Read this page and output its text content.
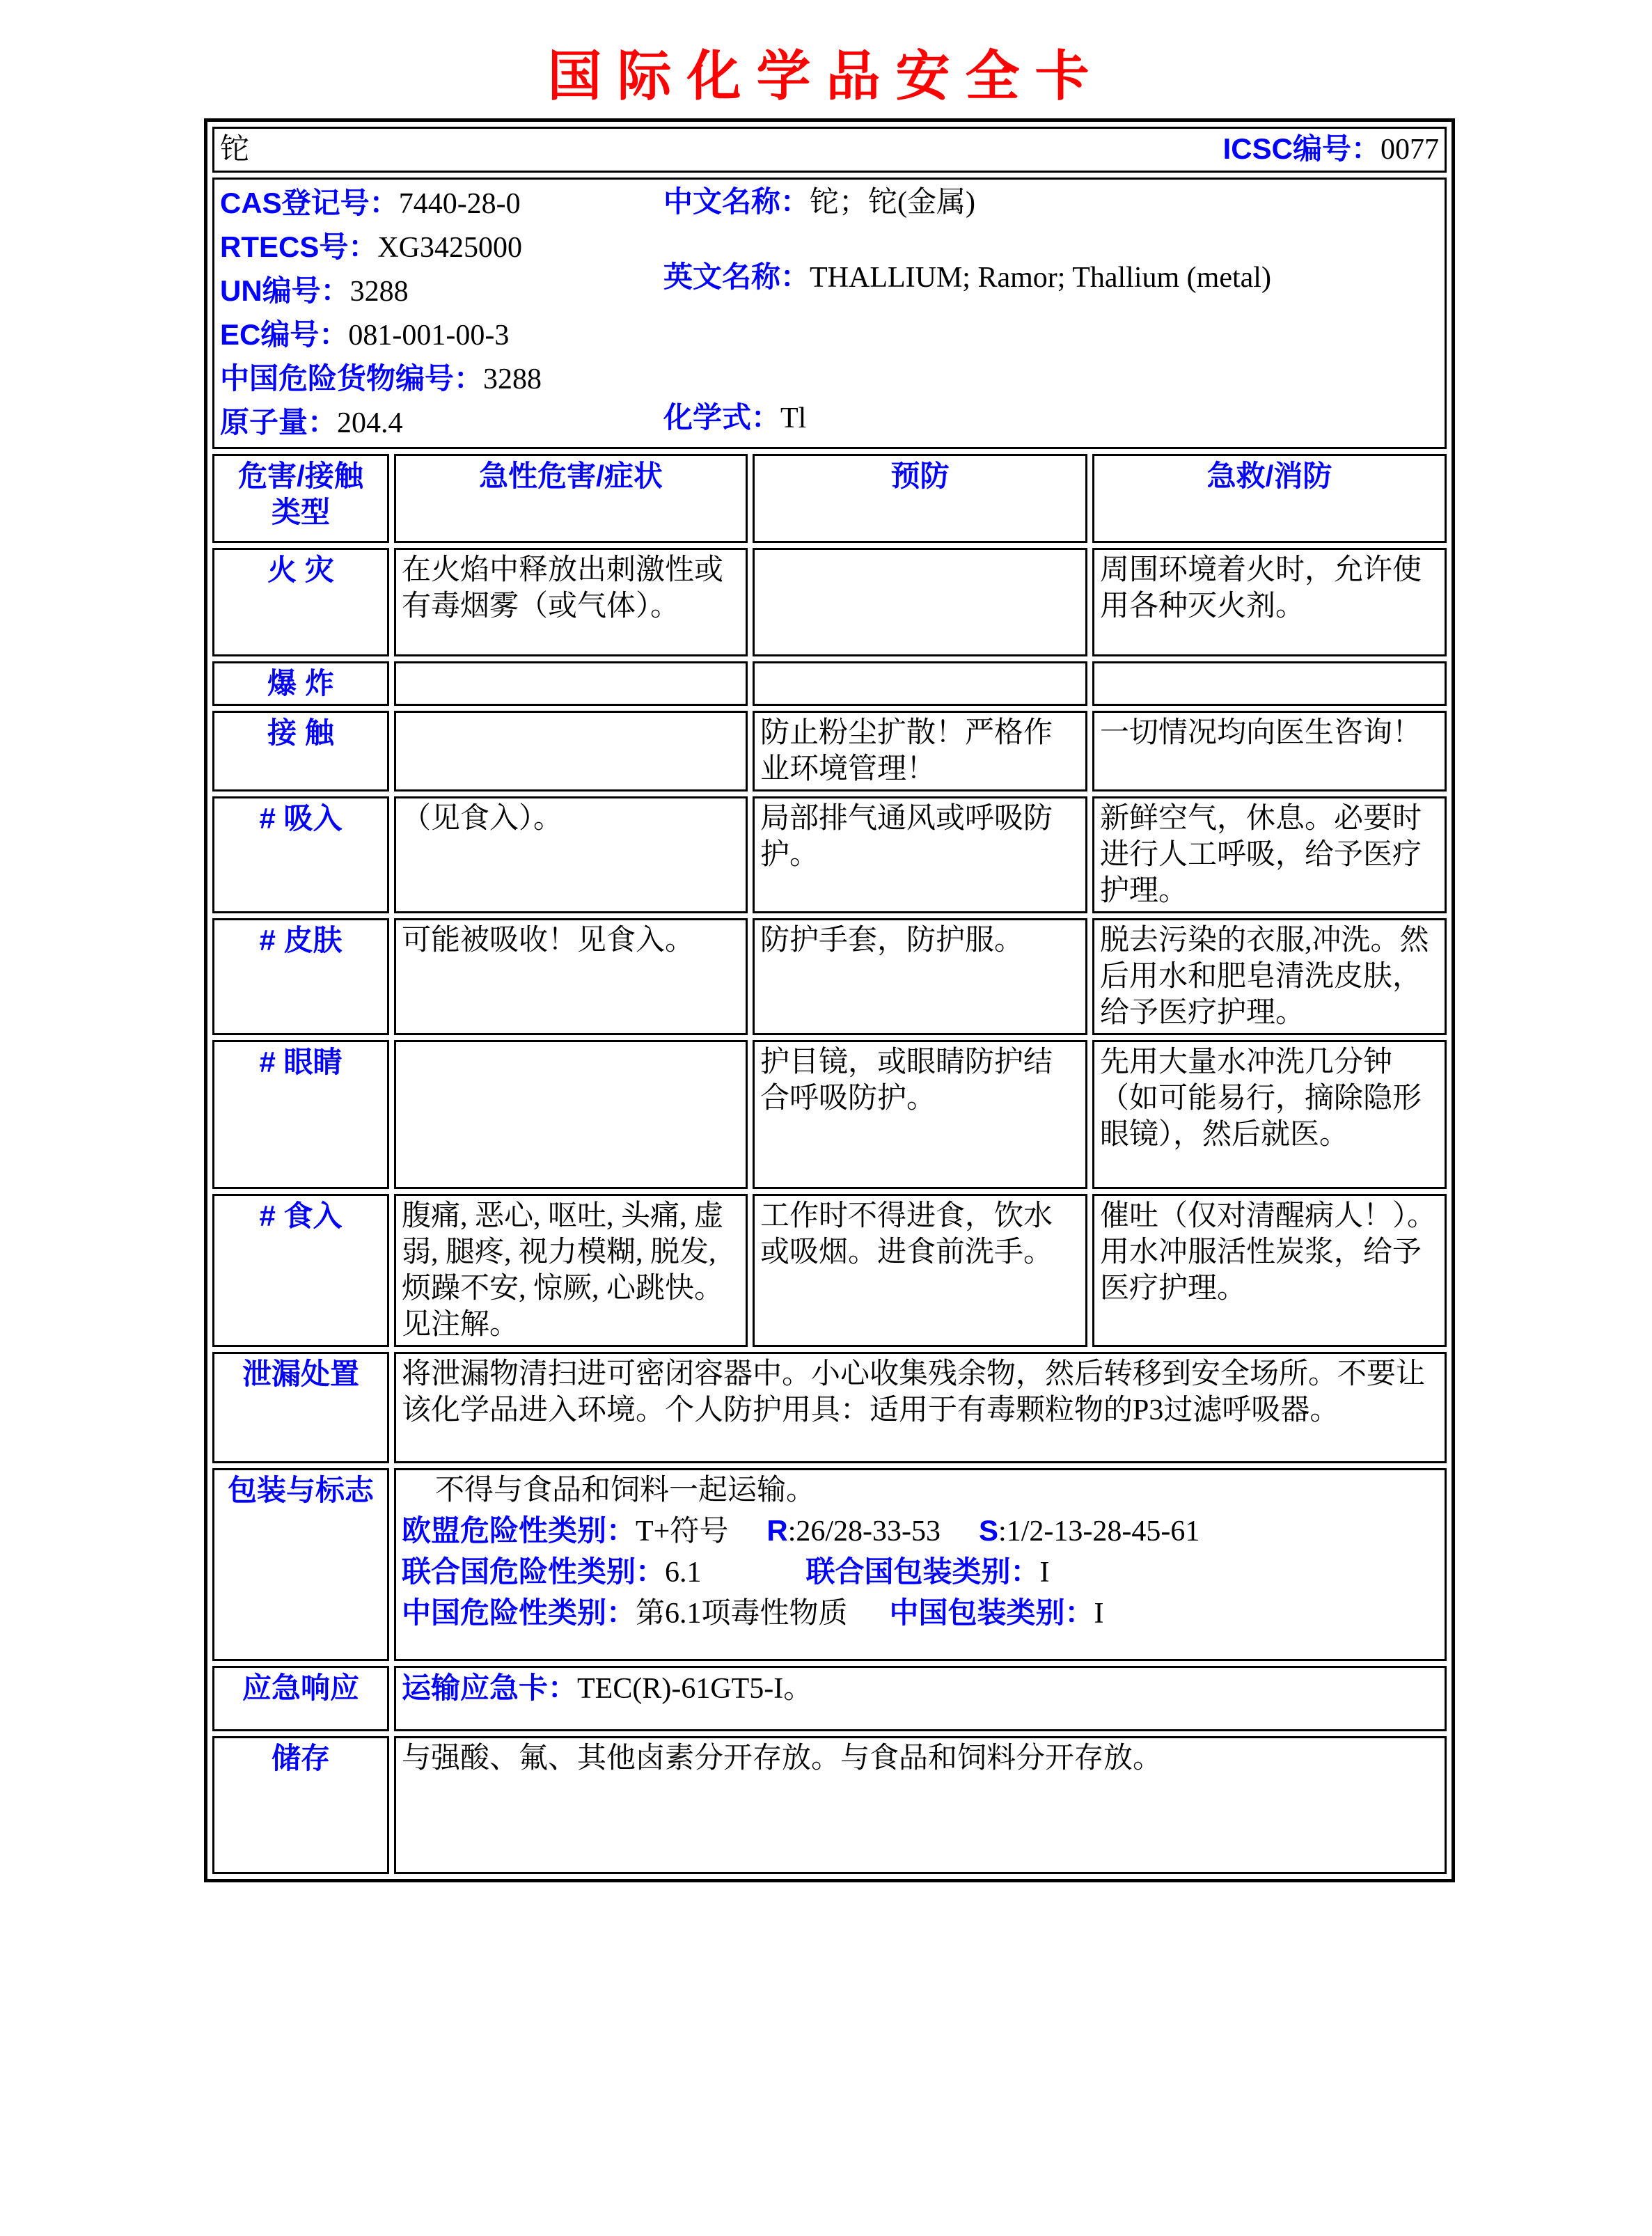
国际化学品安全卡
铊 ICSC编号：0077			

CAS登记号：7440-28-0
RTECS号：XG3425000
UN编号：3288
EC编号：081-001-00-3
中国危险货物编号：3288
原子量：204.4
中文名称：铊；铊(金属)
英文名称：THALLIUM; Ramor; Thallium (metal)
化学式：Tl

危害/接触
类型	急性危害/症状	预防	急救/消防
火 灾	在火焰中释放出刺激性或有毒烟雾（或气体）。		周围环境着火时，允许使用各种灭火剂。
爆 炸			
接 触		防止粉尘扩散！严格作业环境管理！	一切情况均向医生咨询！
# 吸入	（见食入）。	局部排气通风或呼吸防护。	新鲜空气，休息。必要时进行人工呼吸，给予医疗护理。
# 皮肤	可能被吸收！见食入。	防护手套，防护服。	脱去污染的衣服,冲洗。然后用水和肥皂清洗皮肤，给予医疗护理。
# 眼睛		护目镜，或眼睛防护结合呼吸防护。	先用大量水冲洗几分钟（如可能易行，摘除隐形眼镜），然后就医。
# 食入	腹痛, 恶心, 呕吐, 头痛, 虚弱, 腿疼, 视力模糊, 脱发, 烦躁不安, 惊厥, 心跳快。见注解。	工作时不得进食，饮水或吸烟。进食前洗手。	催吐（仅对清醒病人！）。用水冲服活性炭浆，给予医疗护理。
泄漏处置	将泄漏物清扫进可密闭容器中。小心收集残余物，然后转移到安全场所。不要让该化学品进入环境。个人防护用具：适用于有毒颗粒物的P3过滤呼吸器。		
包装与标志	不得与食品和饲料一起运输。
欧盟危险性类别：T+符号 R:26/28-33-53 S:1/2-13-28-45-61
联合国危险性类别：6.1 联合国包装类别：I
中国危险性类别：第6.1项毒性物质 中国包装类别：I		

应急响应	运输应急卡：TEC(R)-61GT5-I。		
储存	与强酸、氟、其他卤素分开存放。与食品和饲料分开存放。		
